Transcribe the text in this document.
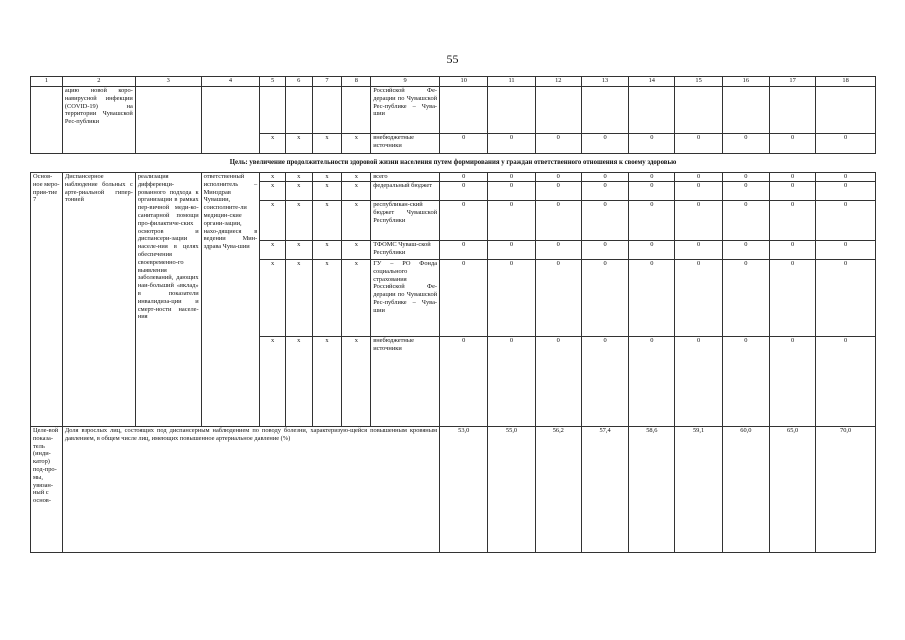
55
1	2	3	4	5	6	7	8	9	10	11	12	13	14	15	16	17	18
	ацию новой коро-навирусной инфекции (COVID-19) на территории Чувашской Рес-публики							Российской Фе-дерации по Чувашской Рес-публике – Чува-шии									
				x	x	x	x	внебюджетные источники	0	0	0	0	0	0	0	0	0
Цель: увеличение продолжительности здоровой жизни населения путем формирования у граждан ответственного отношения к своему здоровью																	
Основ-ное меро-прия-тие 7	Диспансерное наблюдение больных с арте-риальной гипер-тонией	реализация дифференци-рованного подхода к организации в рамках пер-вичной меди-ко-санитарной помощи про-филактиче-ских осмотров и диспансери-зации населе-ния в целях обеспечения своевременно-го выявления заболеваний, дающих наи-больший «вклад» в показатели инвалидиза-ции и смерт-ности населе-ния	ответственный исполнитель – Минздрав Чувашии, соисполните-ли медицин-ские органи-зации, нахо-дящиеся в ведении Мин-здрава Чува-шии	x	x	x	x	всего	0	0	0	0	0	0	0	0	0
				x	x	x	x	федеральный бюджет	0	0	0	0	0	0	0	0	0
				x	x	x	x	республикан-ский бюджет Чувашской Республики	0	0	0	0	0	0	0	0	0
				x	x	x	x	ТФОМС Чуваш-ской Республики	0	0	0	0	0	0	0	0	0
				x	x	x	x	ГУ – РО Фонда социального страхования Российской Фе-дерации по Чувашской Рес-публике – Чува-шии	0	0	0	0	0	0	0	0	0
				x	x	x	x	внебюджетные источники	0	0	0	0	0	0	0	0	0
Целе-вой показа-тель (инди-катор) под-про-мы, увязан-ный с основ-	Доля взрослых лиц, состоящих под диспансерным наблюдением по поводу болезни, характеризую-щейся повышенным кровяным давлением, в общем числе лиц, имеющих повышенное артериальное давление (%)								53,0	55,0	56,2	57,4	58,6	59,1	60,0	65,0	70,0
